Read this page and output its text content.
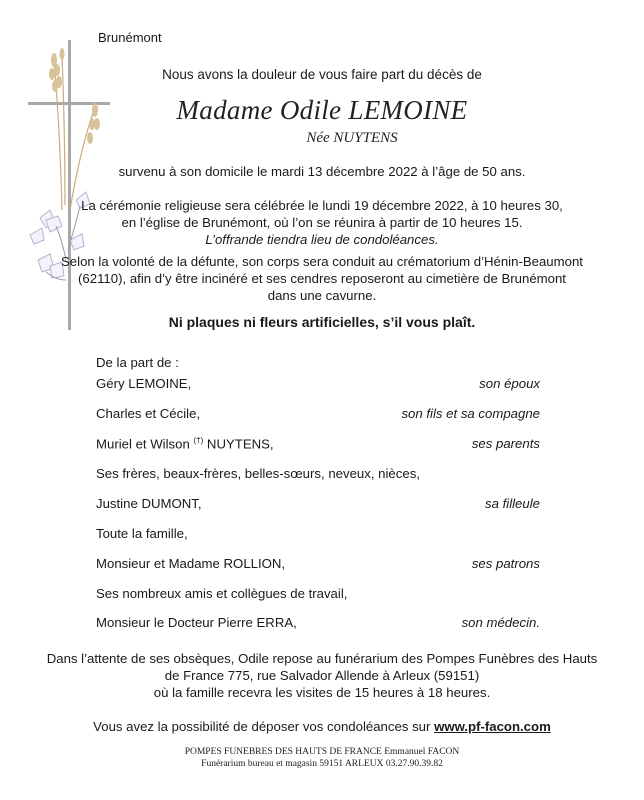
Brunémont
Nous avons la douleur de vous faire part du décès de
Madame Odile LEMOINE
Née NUYTENS
survenu à son domicile le mardi 13 décembre 2022 à l’âge de 50 ans.
La cérémonie religieuse sera célébrée le lundi 19 décembre 2022, à 10 heures 30,
en l’église de Brunémont, où l’on se réunira à partir de 10 heures 15.
L’offrande tiendra lieu de condoléances.
Selon la volonté de la défunte, son corps sera conduit au crématorium d’Hénin-Beaumont
(62110), afin d’y être incinéré et ses cendres reposeront au cimetière de Brunémont
dans une cavurne.
Ni plaques ni fleurs artificielles, s’il vous plaît.
De la part de :
Géry LEMOINE,	son époux
Charles et Cécile,	son fils et sa compagne
Muriel et Wilson (†) NUYTENS,	ses parents
Ses frères, beaux-frères, belles-sœurs, neveux, nièces,
Justine DUMONT,	sa filleule
Toute la famille,
Monsieur et Madame ROLLION,	ses patrons
Ses nombreux amis et collègues de travail,
Monsieur le Docteur Pierre ERRA,	son médecin.
Dans l’attente de ses obsèques, Odile repose au funérarium des Pompes Funèbres des Hauts
de France 775, rue Salvador Allende à Arleux (59151)
où la famille recevra les visites de 15 heures à 18 heures.
Vous avez la possibilité de déposer vos condoléances sur www.pf-facon.com
POMPES FUNEBRES DES HAUTS DE FRANCE Emmanuel FACON
Funérarium bureau et magasin 59151 ARLEUX 03.27.90.39.82
